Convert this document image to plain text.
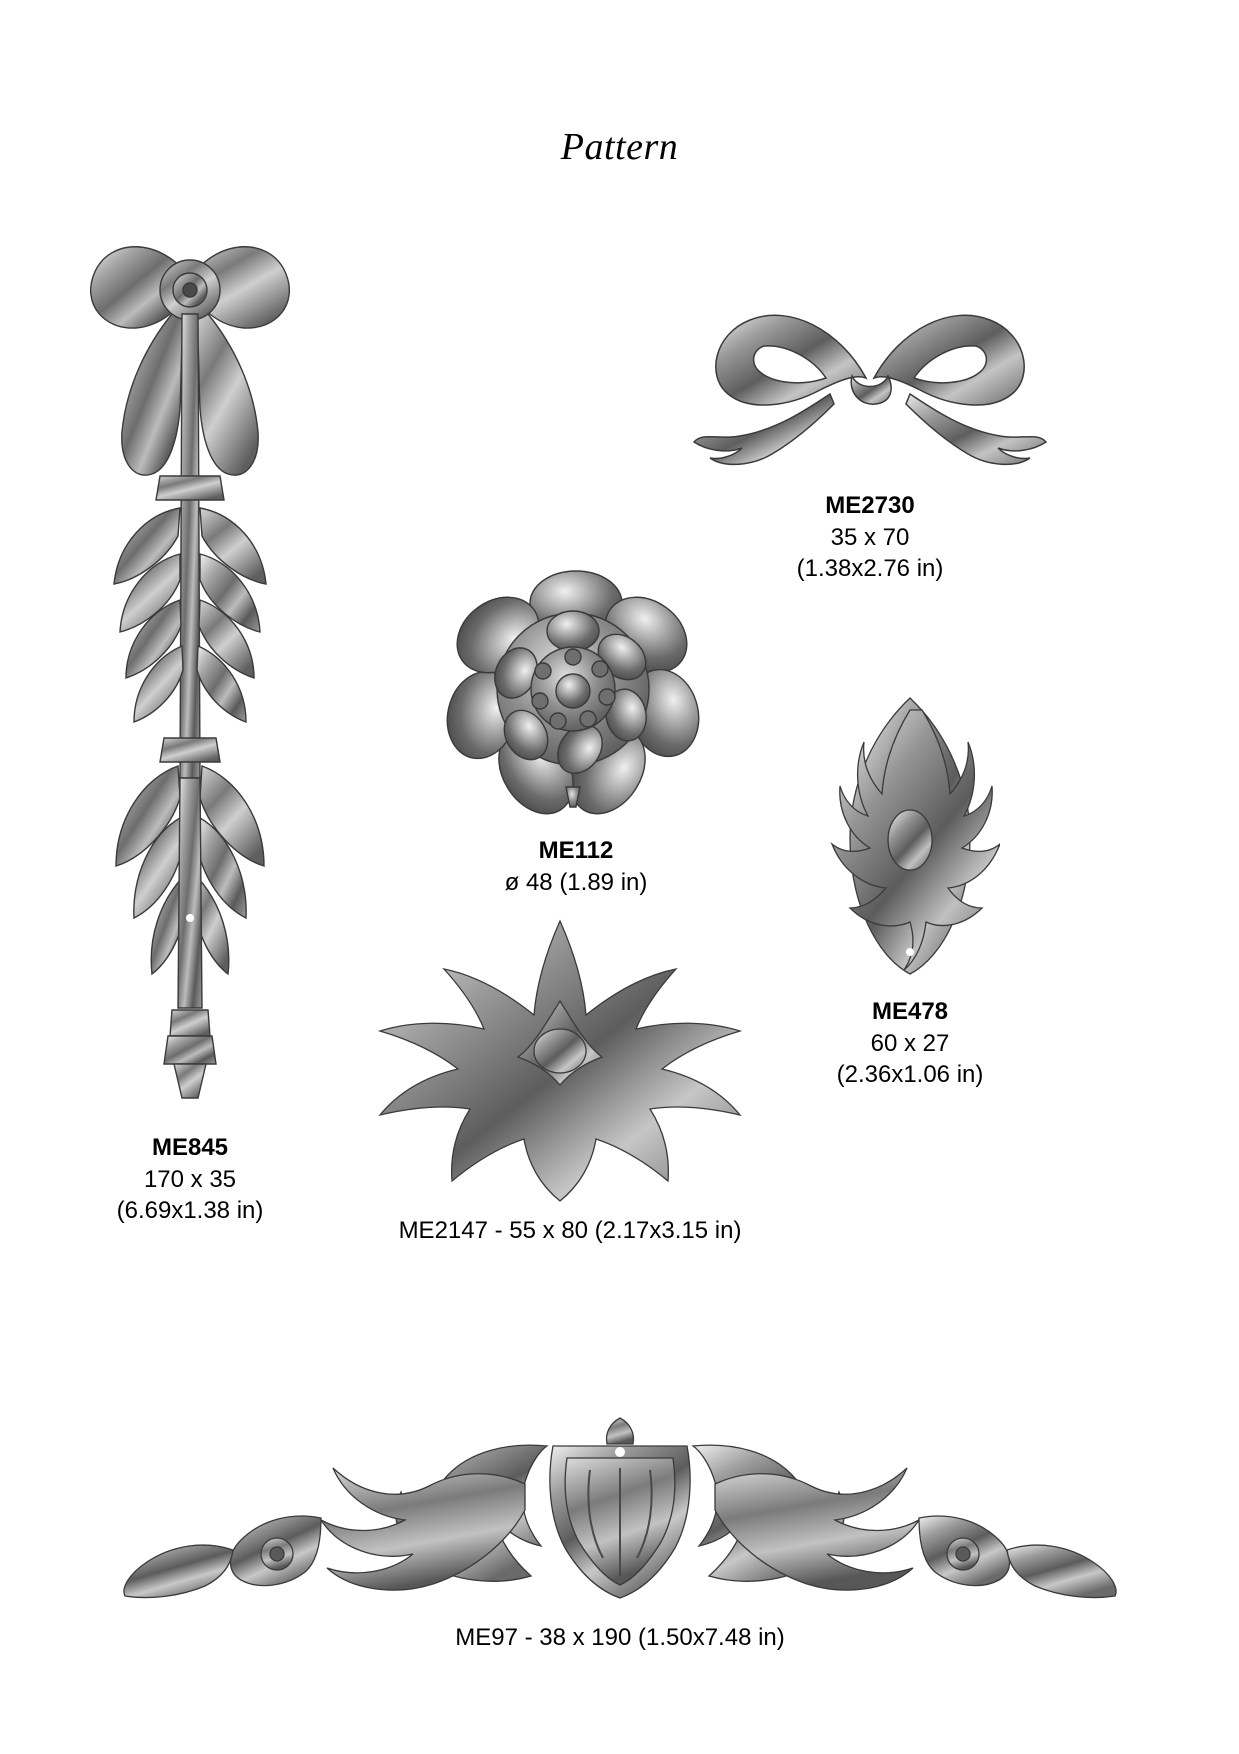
Pattern
ME845
170 x 35
(6.69x1.38 in)
ME2730
35 x 70
(1.38x2.76 in)
ME112
ø 48 (1.89 in)
ME478
60 x 27
(2.36x1.06 in)
ME2147 - 55 x 80 (2.17x3.15 in)
ME97 - 38 x 190 (1.50x7.48 in)
